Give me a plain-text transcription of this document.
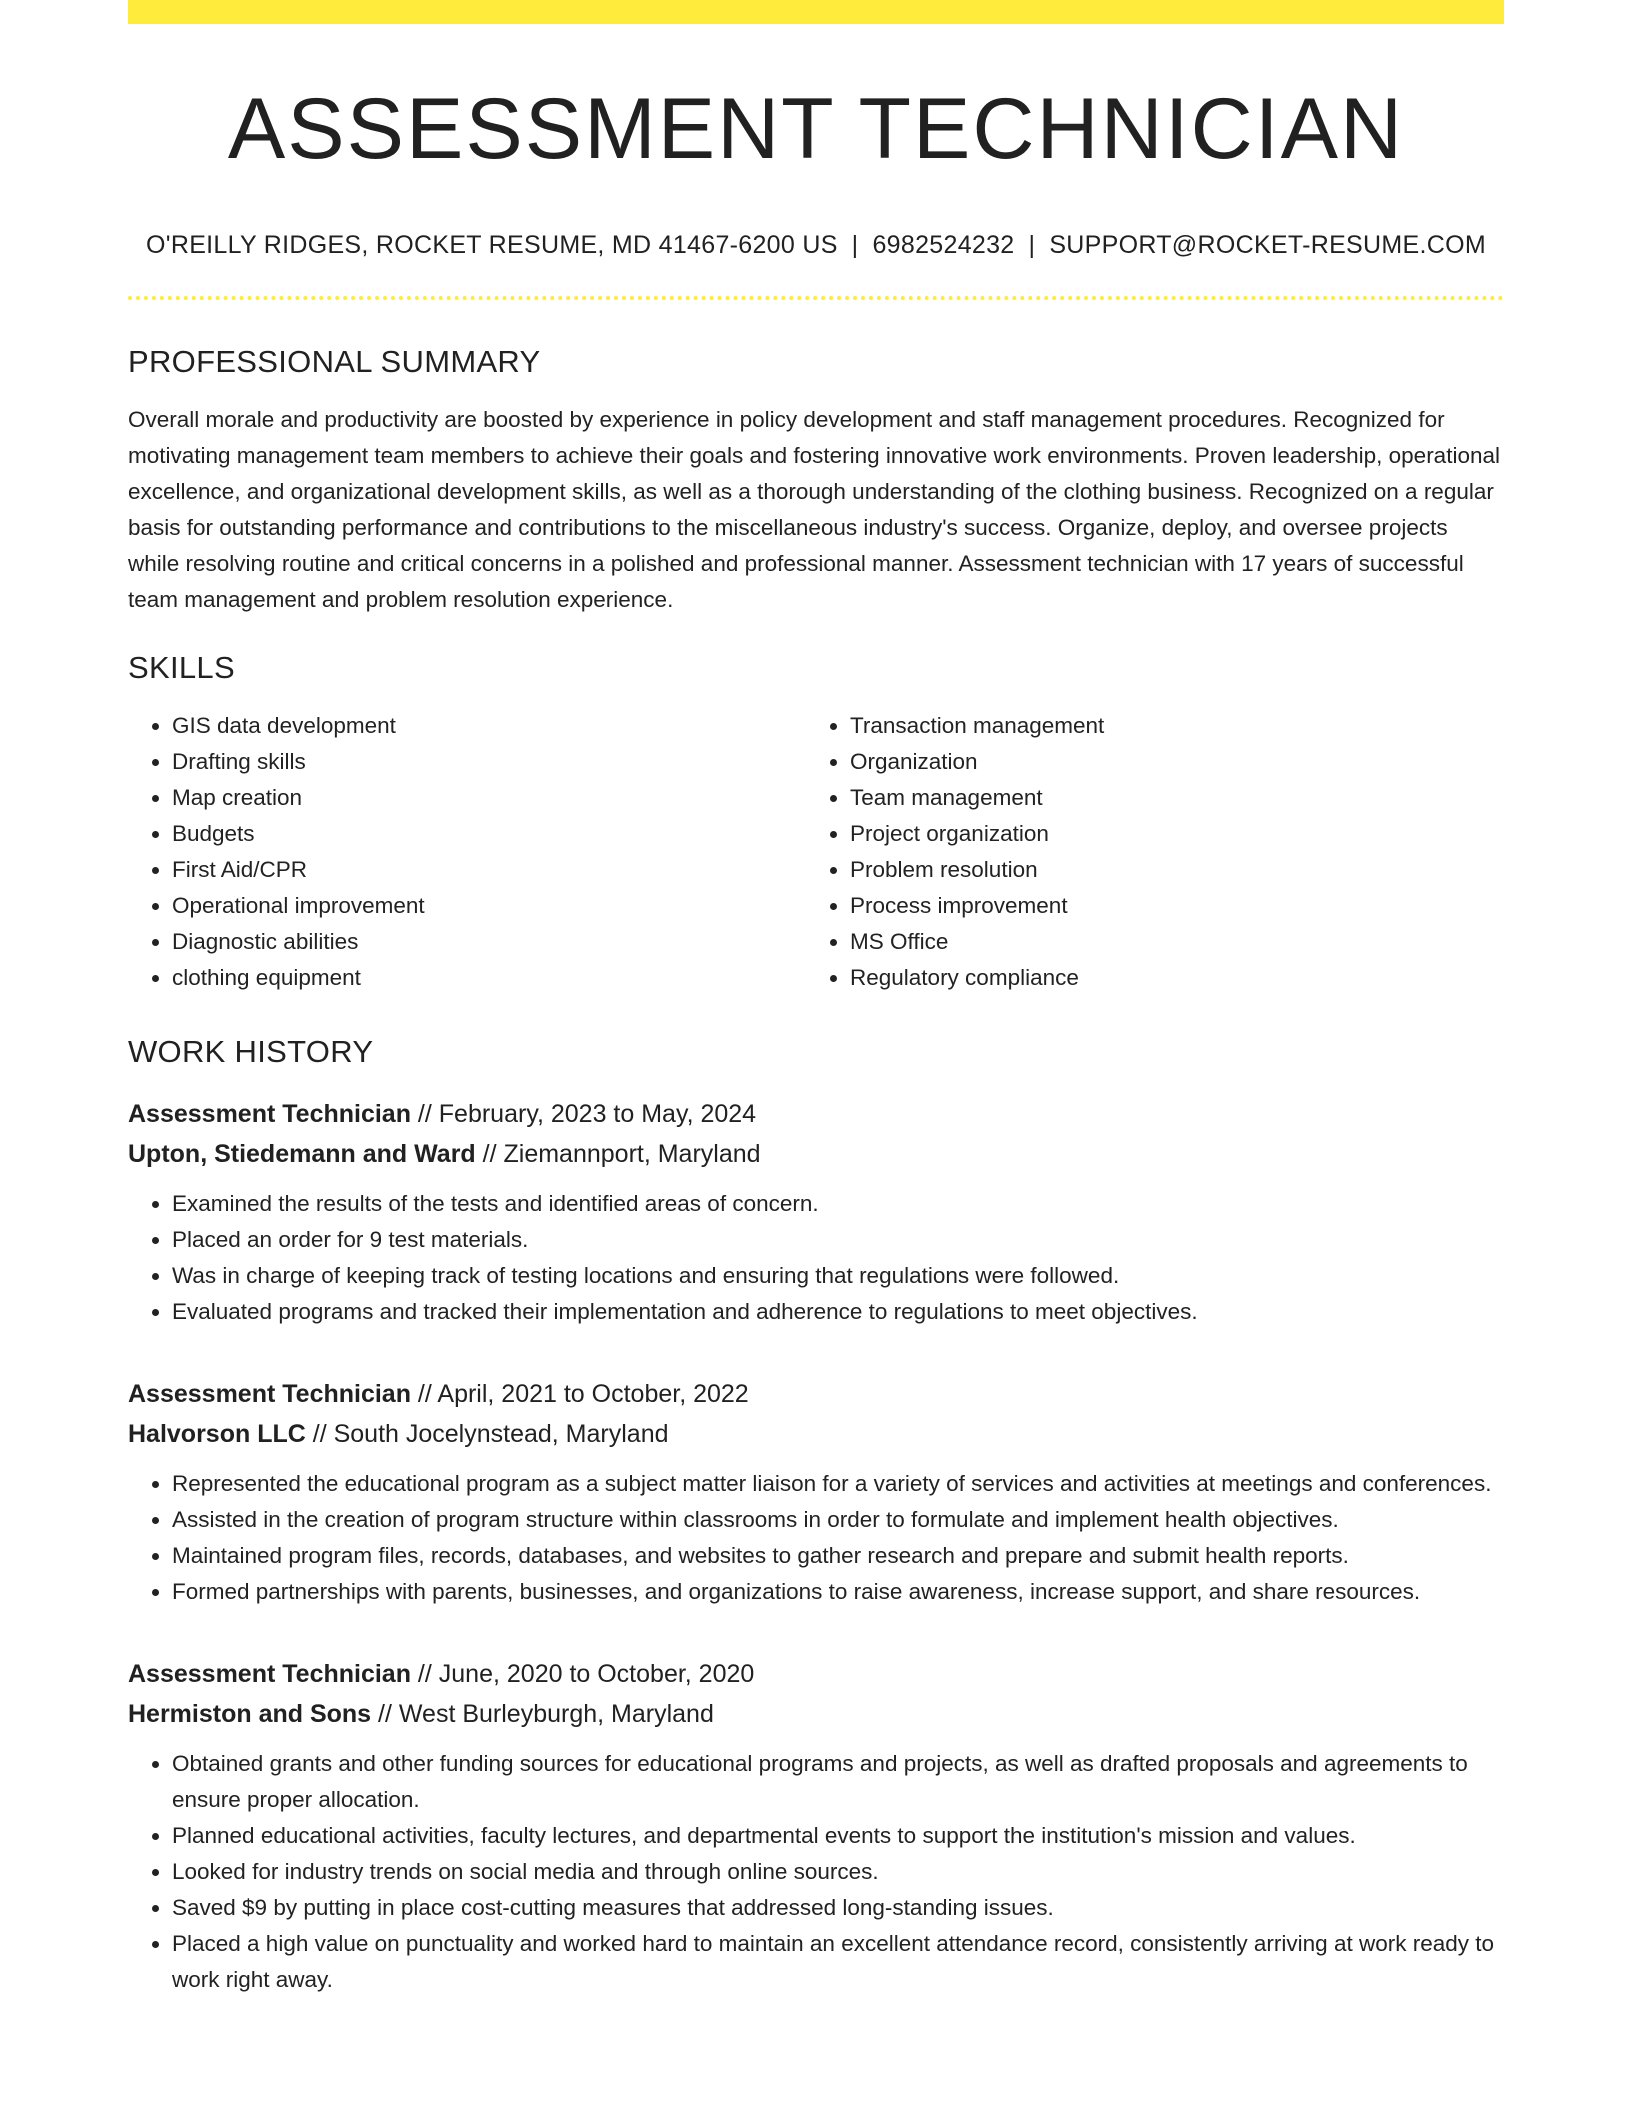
ASSESSMENT TECHNICIAN
O'REILLY RIDGES, ROCKET RESUME, MD 41467-6200 US | 6982524232 | SUPPORT@ROCKET-RESUME.COM
PROFESSIONAL SUMMARY

Overall morale and productivity are boosted by experience in policy development and staff management procedures. Recognized for motivating management team members to achieve their goals and fostering innovative work environments. Proven leadership, operational excellence, and organizational development skills, as well as a thorough understanding of the clothing business. Recognized on a regular basis for outstanding performance and contributions to the miscellaneous industry's success. Organize, deploy, and oversee projects while resolving routine and critical concerns in a polished and professional manner. Assessment technician with 17 years of successful team management and problem resolution experience.

SKILLS
• GIS data development
• Drafting skills
• Map creation
• Budgets
• First Aid/CPR
• Operational improvement
• Diagnostic abilities
• clothing equipment
• Transaction management
• Organization
• Team management
• Project organization
• Problem resolution
• Process improvement
• MS Office
• Regulatory compliance
WORK HISTORY
Assessment Technician // February, 2023 to May, 2024
Upton, Stiedemann and Ward // Ziemannport, Maryland
• Examined the results of the tests and identified areas of concern.
• Placed an order for 9 test materials.
• Was in charge of keeping track of testing locations and ensuring that regulations were followed.
• Evaluated programs and tracked their implementation and adherence to regulations to meet objectives.
Assessment Technician // April, 2021 to October, 2022
Halvorson LLC // South Jocelynstead, Maryland
• Represented the educational program as a subject matter liaison for a variety of services and activities at meetings and conferences.
• Assisted in the creation of program structure within classrooms in order to formulate and implement health objectives.
• Maintained program files, records, databases, and websites to gather research and prepare and submit health reports.
• Formed partnerships with parents, businesses, and organizations to raise awareness, increase support, and share resources.
Assessment Technician // June, 2020 to October, 2020
Hermiston and Sons // West Burleyburgh, Maryland
• Obtained grants and other funding sources for educational programs and projects, as well as drafted proposals and agreements to ensure proper allocation.
• Planned educational activities, faculty lectures, and departmental events to support the institution's mission and values.
• Looked for industry trends on social media and through online sources.
• Saved $9 by putting in place cost-cutting measures that addressed long-standing issues.
• Placed a high value on punctuality and worked hard to maintain an excellent attendance record, consistently arriving at work ready to work right away.
